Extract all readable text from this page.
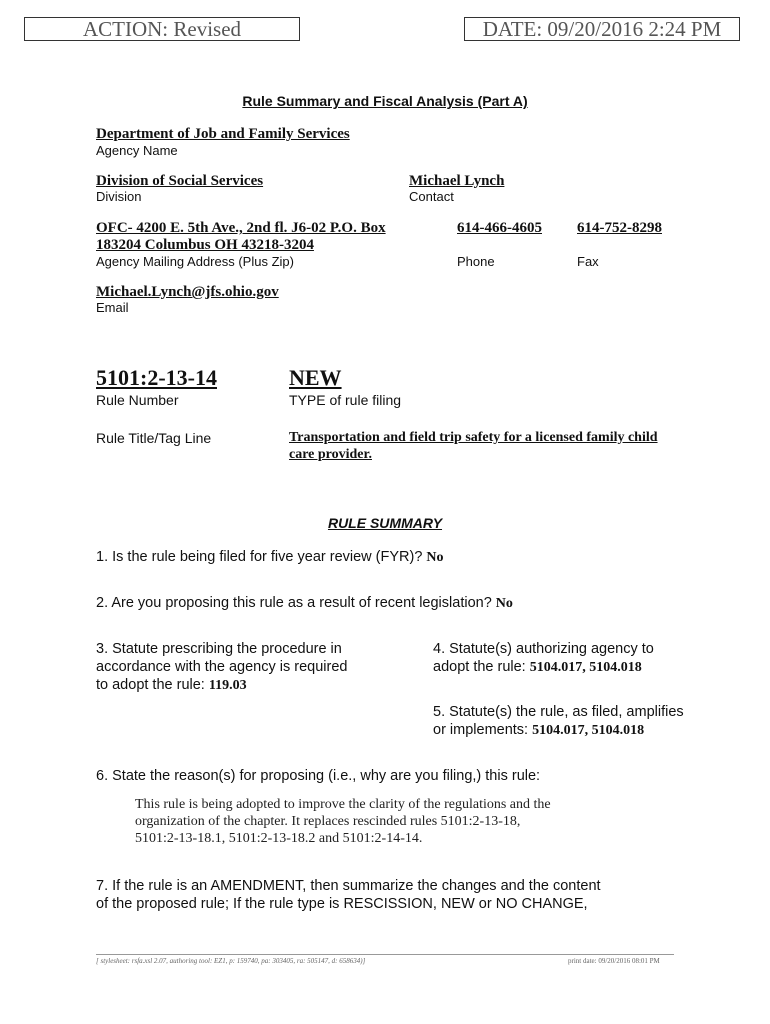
ACTION: Revised	DATE: 09/20/2016 2:24 PM
Rule Summary and Fiscal Analysis (Part A)
Department of Job and Family Services
Agency Name
Division of Social Services
Division
Michael Lynch
Contact
OFC- 4200 E. 5th Ave., 2nd fl. J6-02 P.O. Box
183204 Columbus OH 43218-3204
Agency Mailing Address (Plus Zip)
614-466-4605
Phone
614-752-8298
Fax
Michael.Lynch@jfs.ohio.gov
Email
5101:2-13-14
Rule Number
NEW
TYPE of rule filing
Rule Title/Tag Line	Transportation and field trip safety for a licensed family child
care provider.
RULE SUMMARY
1. Is the rule being filed for five year review (FYR)? No
2. Are you proposing this rule as a result of recent legislation? No
3. Statute prescribing the procedure in
accordance with the agency is required
to adopt the rule: 119.03
4. Statute(s) authorizing agency to
adopt the rule: 5104.017, 5104.018
5. Statute(s) the rule, as filed, amplifies
or implements: 5104.017, 5104.018
6. State the reason(s) for proposing (i.e., why are you filing,) this rule:
This rule is being adopted to improve the clarity of the regulations and the
organization of the chapter. It replaces rescinded rules 5101:2-13-18,
5101:2-13-18.1, 5101:2-13-18.2 and 5101:2-14-14.
7. If the rule is an AMENDMENT, then summarize the changes and the content
of the proposed rule; If the rule type is RESCISSION, NEW or NO CHANGE,
[ stylesheet: rsfa.xsl 2.07, authoring tool: EZ1, p: 159740, pa: 303405, ra: 505147, d: 658634)]	print date: 09/20/2016 08:01 PM
